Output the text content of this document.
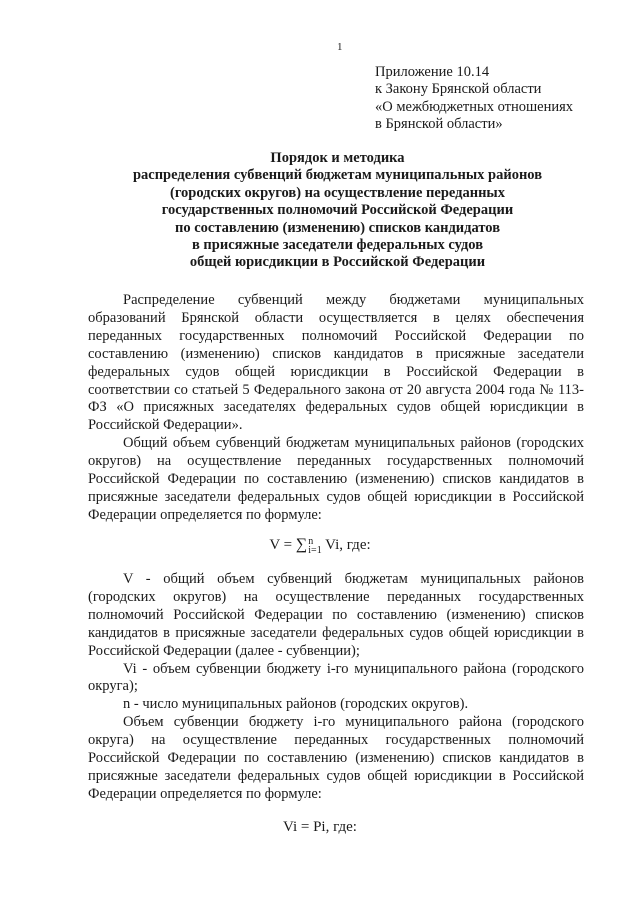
1
Приложение 10.14
к Закону Брянской области
«О межбюджетных отношениях
в Брянской области»
Порядок и методика
распределения субвенций бюджетам муниципальных районов
(городских округов) на осуществление переданных
государственных полномочий Российской Федерации
по составлению (изменению) списков кандидатов
в присяжные заседатели федеральных судов
общей юрисдикции в Российской Федерации

Распределение субвенций между бюджетами муниципальных образований Брянской области осуществляется в целях обеспечения переданных государственных полномочий Российской Федерации по составлению (изменению) списков кандидатов в присяжные заседатели федеральных судов общей юрисдикции в Российской Федерации в соответствии со статьей 5 Федерального закона от 20 августа 2004 года № 113-ФЗ «О присяжных заседателях федеральных судов общей юрисдикции в Российской Федерации».

Общий объем субвенций бюджетам муниципальных районов (городских округов) на осуществление переданных государственных полномочий Российской Федерации по составлению (изменению) списков кандидатов в присяжные заседатели федеральных судов общей юрисдикции в Российской Федерации определяется по формуле:

V = ∑ n
i=1 Vi, где:

V - общий объем субвенций бюджетам муниципальных районов (городских округов) на осуществление переданных государственных полномочий Российской Федерации по составлению (изменению) списков кандидатов в присяжные заседатели федеральных судов общей юрисдикции в Российской Федерации (далее - субвенции);

Vi - объем субвенции бюджету i-го муниципального района (городского округа);

n - число муниципальных районов (городских округов).

Объем субвенции бюджету i-го муниципального района (городского округа) на осуществление переданных государственных полномочий Российской Федерации по составлению (изменению) списков кандидатов в присяжные заседатели федеральных судов общей юрисдикции в Российской Федерации определяется по формуле:

Vi = Pi, где:
